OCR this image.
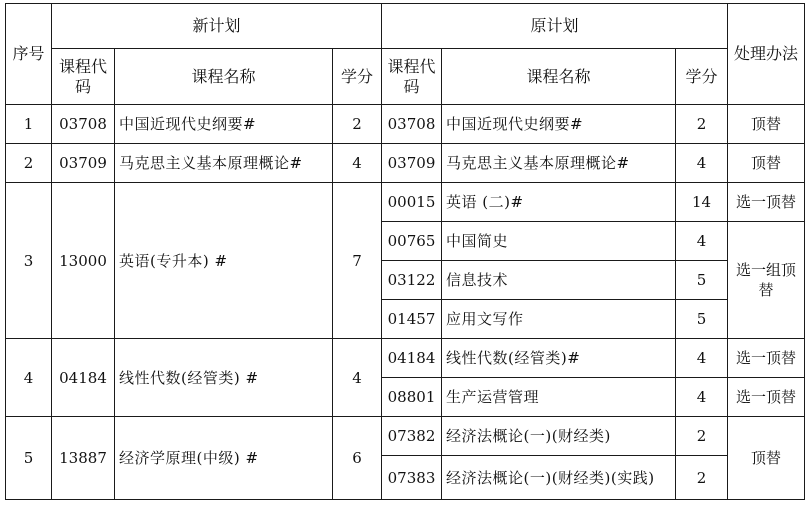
序号	新计划			原计划			处理办法
	课程代码	课程名称	学分	课程代码	课程名称	学分	
1	03708	中国近现代史纲要#	2	03708	中国近现代史纲要#	2	顶替
2	03709	马克思主义基本原理概论#	4	03709	马克思主义基本原理概论#	4	顶替
3	13000	英语(专升本) #	7	00015	英语 (二)#	14	选一顶替
				00765	中国简史	4	选一组顶替
				03122	信息技术	5	
				01457	应用文写作	5	
4	04184	线性代数(经管类) #	4	04184	线性代数(经管类)#	4	选一顶替
				08801	生产运营管理	4	选一顶替
5	13887	经济学原理(中级) #	6	07382	经济法概论(一)(财经类)	2	顶替
				07383	经济法概论(一)(财经类)(实践)	2	
